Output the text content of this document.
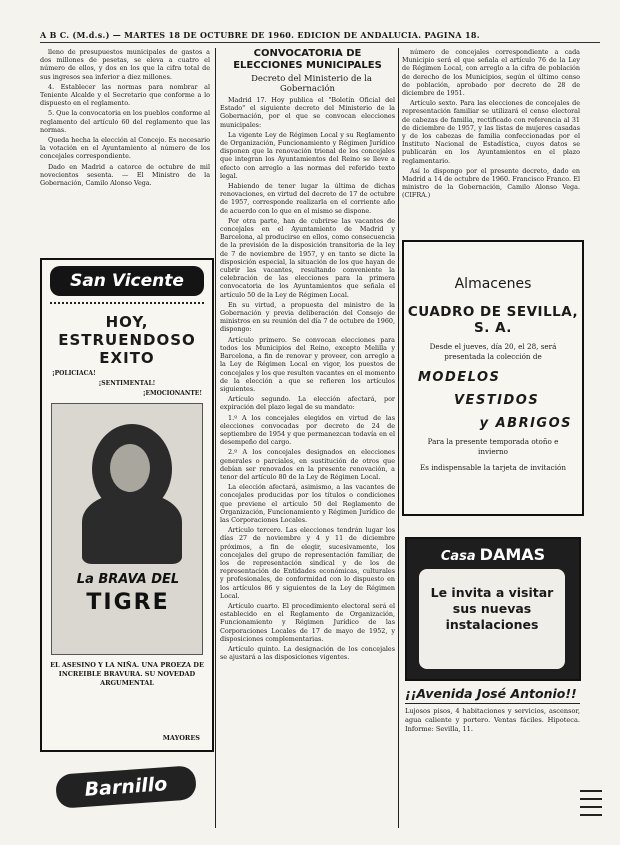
A B C. (M.d.s.) — MARTES 18 DE OCTUBRE DE 1960. EDICION DE ANDALUCIA. PAGINA 18.

lleno de presupuestos municipales de gastos a dos millones de pesetas, se eleva a cuatro el número de ellos, y dos en los que la cifra total de sus ingresos sea inferior a diez millones.

4. Establecer las normas para nombrar al Teniente Alcalde y el Secretario que conforme a lo dispuesto en el reglamento.

5. Que la convocatoria en los pueblos conforme al reglamento del artículo 60 del reglamento que las normas.

Queda hecha la elección al Concejo. Es necesario la votación en el Ayuntamiento al número de los concejales correspondiente.

Dado en Madrid a catorce de octubre de mil novecientos sesenta. — El Ministro de la Gobernación, Camilo Alonso Vega.

CONVOCATORIA DE ELECCIONES MUNICIPALES

Decreto del Ministerio de la Gobernación

Madrid 17. Hoy publica el "Boletín Oficial del Estado" el siguiente decreto del Ministerio de la Gobernación, por el que se convocan elecciones municipales:

La vigente Ley de Régimen Local y su Reglamento de Organización, Funcionamiento y Régimen Jurídico disponen que la renovación trienal de los concejales que integran los Ayuntamientos del Reino se lleve a efecto con arreglo a las normas del referido texto legal.

Habiendo de tener lugar la última de dichas renovaciones, en virtud del decreto de 17 de octubre de 1957, corresponde realizarla en el corriente año de acuerdo con lo que en el mismo se dispone.

Por otra parte, han de cubrirse las vacantes de concejales en el Ayuntamiento de Madrid y Barcelona, al producirse en ellos, como consecuencia de la previsión de la disposición transitoria de la ley de 7 de noviembre de 1957, y en tanto se dicte la disposición especial, la situación de los que hayan de cubrir las vacantes, resultando conveniente la celebración de las elecciones para la primera convocatoria de los Ayuntamientos que señala el artículo 50 de la Ley de Régimen Local.

En su virtud, a propuesta del ministro de la Gobernación y previa deliberación del Consejo de ministros en su reunión del día 7 de octubre de 1960, dispongo:

Artículo primero. Se convocan elecciones para todos los Municipios del Reino, excepto Melilla y Barcelona, a fin de renovar y proveer, con arreglo a la Ley de Régimen Local en vigor, los puestos de concejales y los que resulten vacantes en el momento de la elección a que se refieren los artículos siguientes.

Artículo segundo. La elección afectará, por expiración del plazo legal de su mandato:

1.º A los concejales elegidos en virtud de las elecciones convocadas por decreto de 24 de septiembre de 1954 y que permanezcan todavía en el desempeño del cargo.

2.º A los concejales designados en elecciones generales o parciales, en sustitución de otros que debían ser renovados en la presente renovación, a tenor del artículo 80 de la Ley de Régimen Local.

La elección afectará, asimismo, a las vacantes de concejales producidas por los títulos o condiciones que previene el artículo 50 del Reglamento de Organización, Funcionamiento y Régimen Jurídico de las Corporaciones Locales.

Artículo tercero. Las elecciones tendrán lugar los días 27 de noviembre y 4 y 11 de diciembre próximos, a fin de elegir, sucesivamente, los concejales del grupo de representación familiar, de los de representación sindical y de los de representación de Entidades económicas, culturales y profesionales, de conformidad con lo dispuesto en los artículos 86 y siguientes de la Ley de Régimen Local.

Artículo cuarto. El procedimiento electoral será el establecido en el Reglamento de Organización, Funcionamiento y Régimen Jurídico de las Corporaciones Locales de 17 de mayo de 1952, y disposiciones complementarias.

Artículo quinto. La designación de los concejales se ajustará a las disposiciones vigentes.

número de concejales correspondiente a cada Municipio será el que señala el artículo 76 de la Ley de Régimen Local, con arreglo a la cifra de población de derecho de los Municipios, según el último censo de población, aprobado por decreto de 28 de diciembre de 1951.

Artículo sexto. Para las elecciones de concejales de representación familiar se utilizará el censo electoral de cabezas de familia, rectificado con referencia al 31 de diciembre de 1957, y las listas de mujeres casadas y de los cabezas de familia confeccionadas por el Instituto Nacional de Estadística, cuyos datos se publicarán en los Ayuntamientos en el plazo reglamentario.

Así lo dispongo por el presente decreto, dado en Madrid a 14 de octubre de 1960. Francisco Franco. El ministro de la Gobernación, Camilo Alonso Vega. (CIFRA.)

San Vicente
HOY, ESTRUENDOSO EXITO
¡POLICIACA!
¡SENTIMENTAL!
¡EMOCIONANTE!
La BRAVA DEL
TIGRE
EL ASESINO Y LA NIÑA. UNA PROEZA DE INCREIBLE BRAVURA. SU NOVEDAD ARGUMENTAL
MAYORES
Barnillo
Almacenes
CUADRO DE SEVILLA, S. A.
Desde el jueves, día 20, el 28, será presentada la colección de
MODELOS
VESTIDOS
y ABRIGOS
Para la presente temporada otoño e invierno
Es indispensable la tarjeta de invitación
Casa DAMAS
Le invita a visitar sus nuevas instalaciones
¡¡Avenida José Antonio!!
Lujosos pisos, 4 habitaciones y servicios, ascensor, agua caliente y portero. Ventas fáciles. Hipoteca. Informe: Sevilla, 11.
